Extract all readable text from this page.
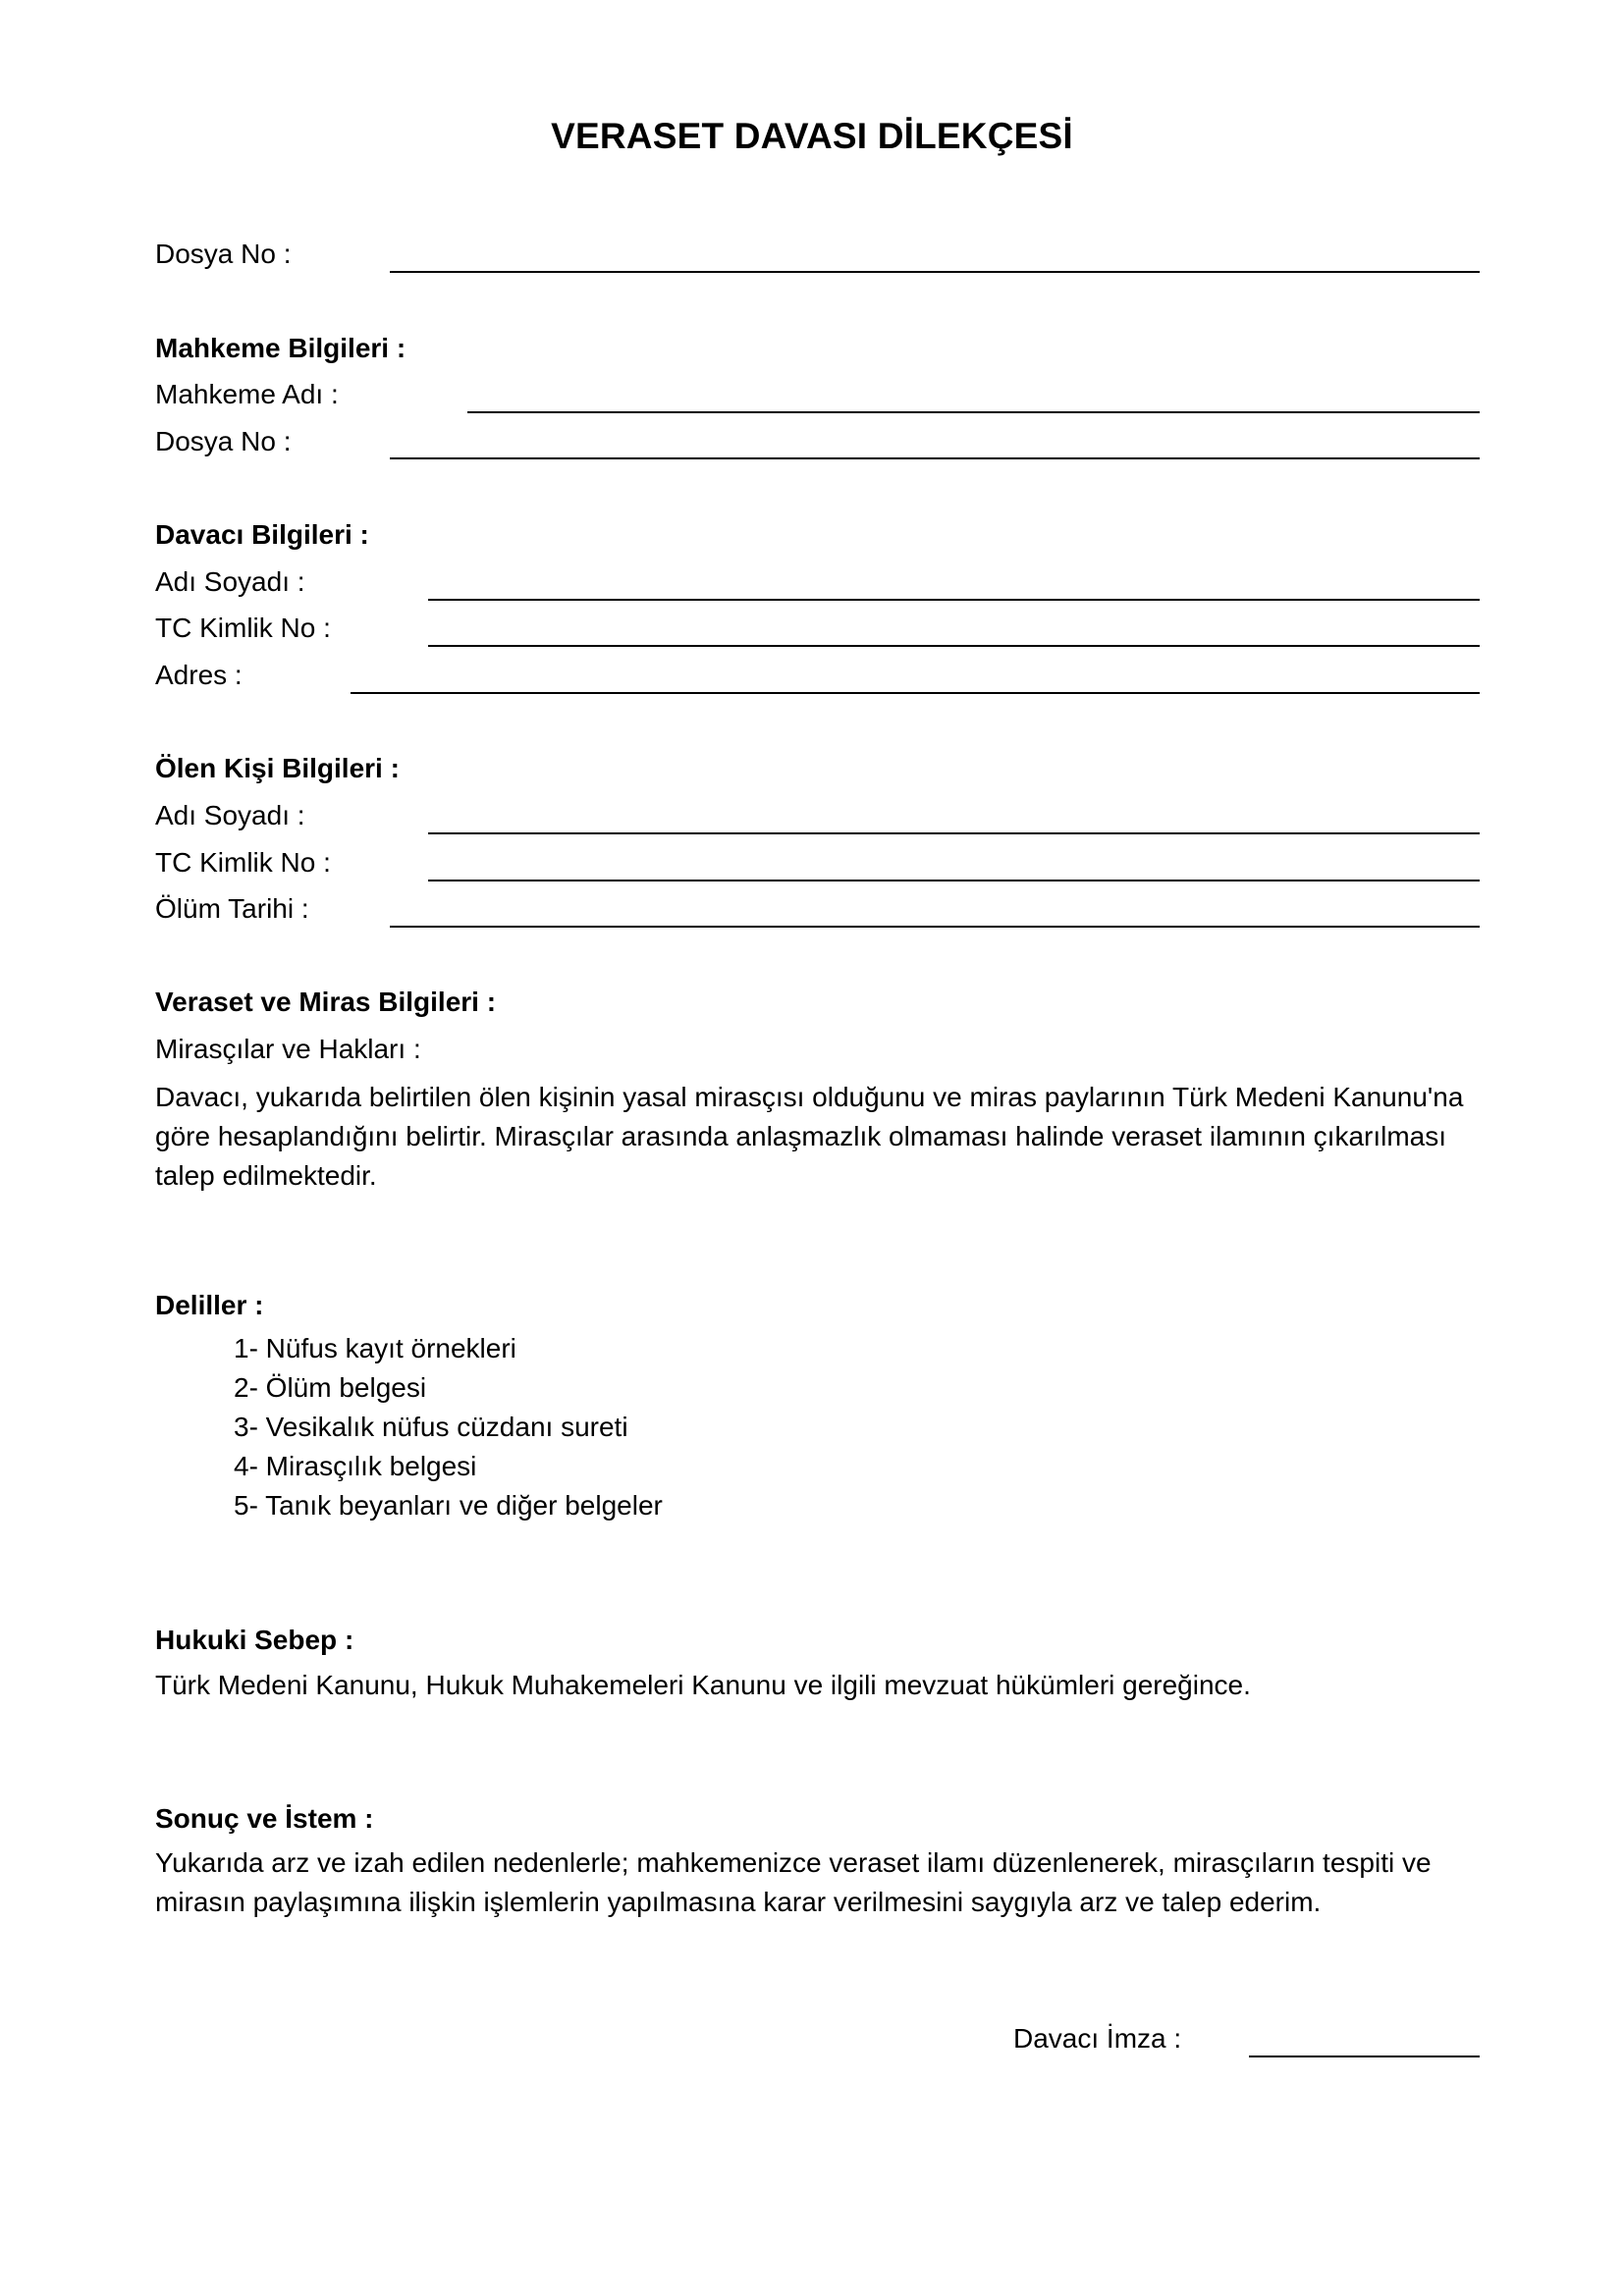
VERASET DAVASI DİLEKÇESİ
Dosya No :
Mahkeme Bilgileri :
Mahkeme Adı :
Dosya No :
Davacı Bilgileri :
Adı Soyadı :
TC Kimlik No :
Adres :
Ölen Kişi Bilgileri :
Adı Soyadı :
TC Kimlik No :
Ölüm Tarihi :
Veraset ve Miras Bilgileri :
Mirasçılar ve Hakları :
Davacı, yukarıda belirtilen ölen kişinin yasal mirasçısı olduğunu ve miras paylarının Türk Medeni Kanunu'na göre hesaplandığını belirtir. Mirasçılar arasında anlaşmazlık olmaması halinde veraset ilamının çıkarılması talep edilmektedir.
Deliller :
1- Nüfus kayıt örnekleri
2- Ölüm belgesi
3- Vesikalık nüfus cüzdanı sureti
4- Mirasçılık belgesi
5- Tanık beyanları ve diğer belgeler
Hukuki Sebep :
Türk Medeni Kanunu, Hukuk Muhakemeleri Kanunu ve ilgili mevzuat hükümleri gereğince.
Sonuç ve İstem :
Yukarıda arz ve izah edilen nedenlerle; mahkemenizce veraset ilamı düzenlenerek, mirasçıların tespiti ve mirasın paylaşımına ilişkin işlemlerin yapılmasına karar verilmesini saygıyla arz ve talep ederim.
Davacı İmza :
